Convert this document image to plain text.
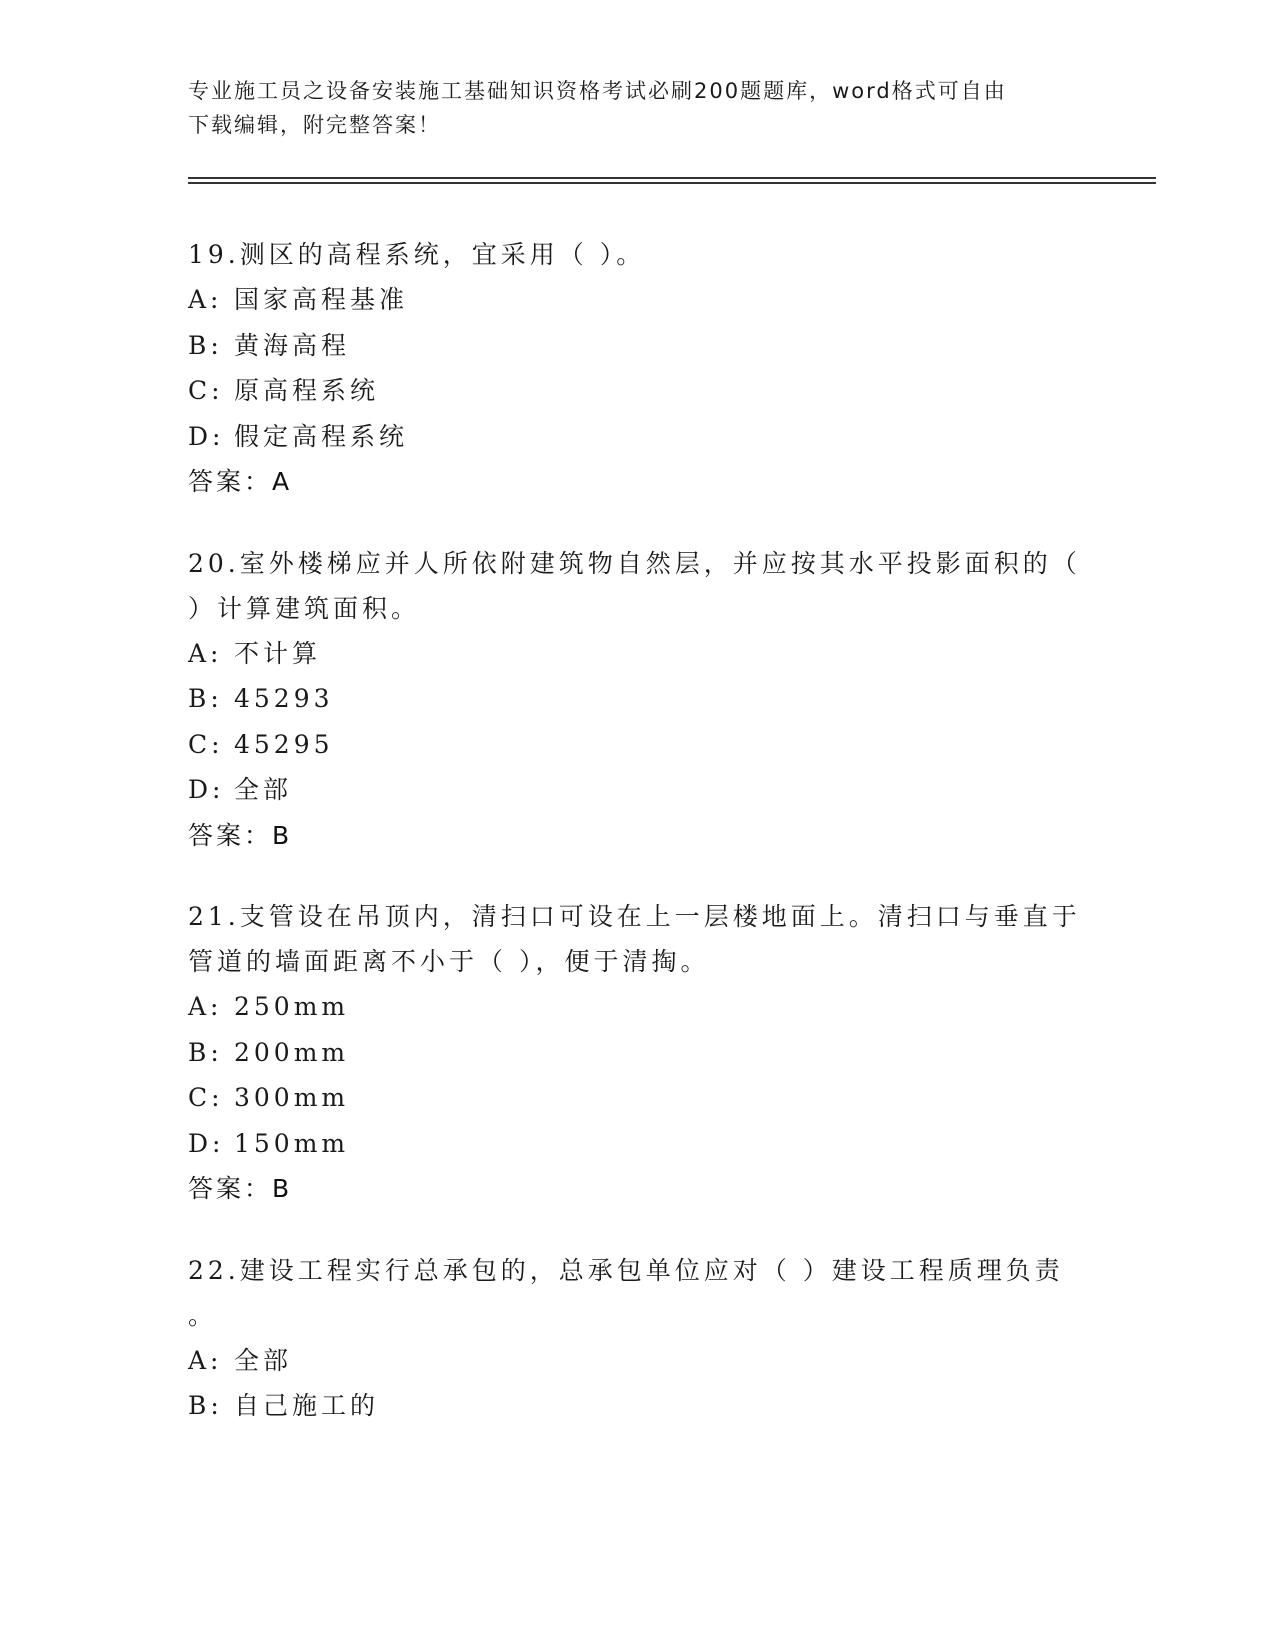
专业施工员之设备安装施工基础知识资格考试必刷200题题库，word格式可自由
下载编辑，附完整答案！

19.测区的高程系统，宜采用（ ）。

A: 国家高程基准

B: 黄海高程

C: 原高程系统

D: 假定高程系统

答案：A

20.室外楼梯应并人所依附建筑物自然层，并应按其水平投影面积的（

）计算建筑面积。

A: 不计算

B: 45293

C: 45295

D: 全部

答案：B

21.支管设在吊顶内，清扫口可设在上一层楼地面上。清扫口与垂直于

管道的墙面距离不小于（ ），便于清掏。

A: 250mm

B: 200mm

C: 300mm

D: 150mm

答案：B

22.建设工程实行总承包的，总承包单位应对（ ）建设工程质理负责

。

A: 全部

B: 自己施工的
